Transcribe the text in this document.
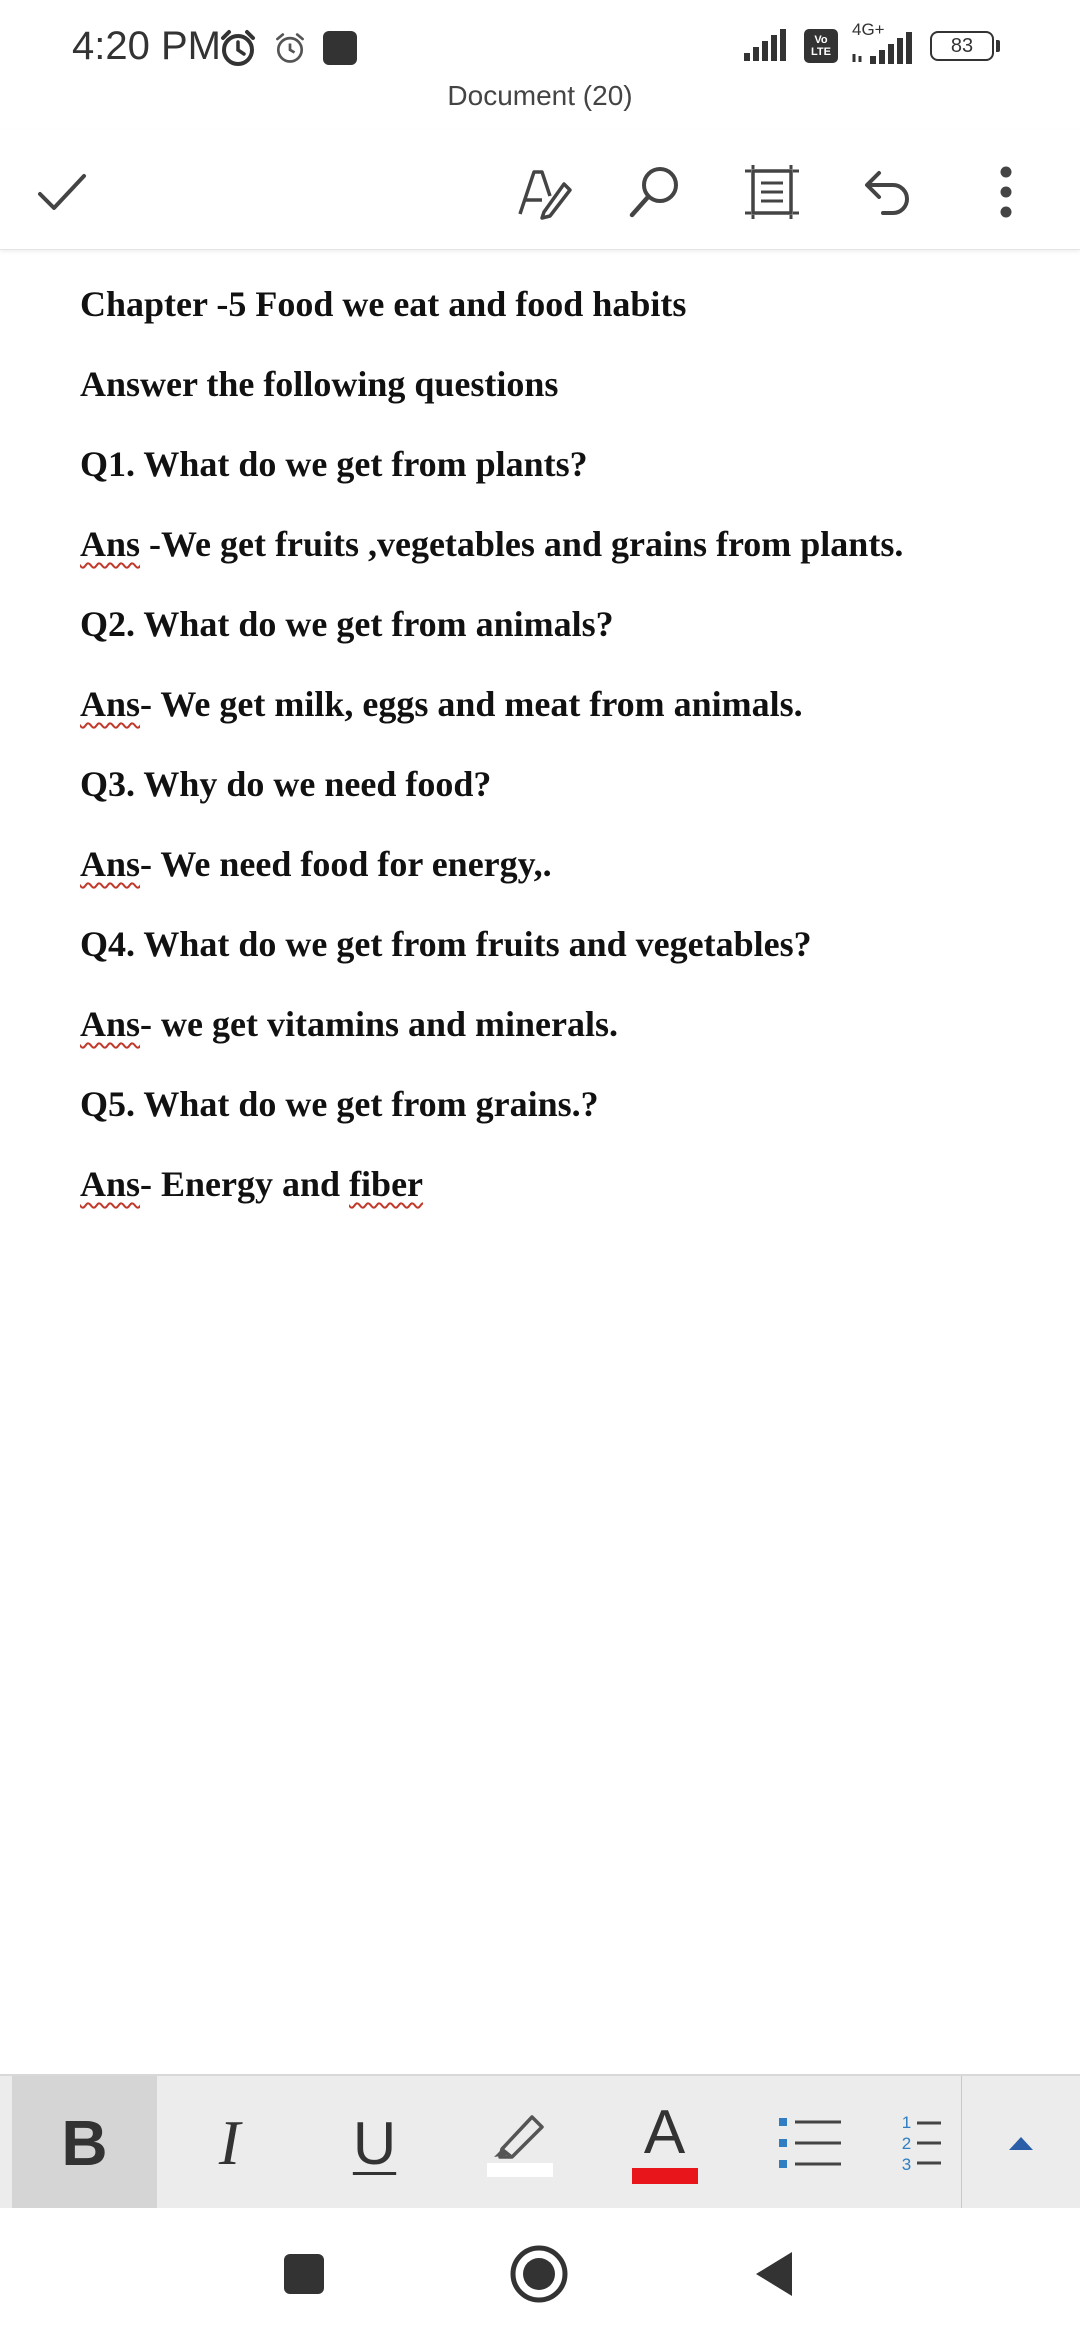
4:20 PM	Vo
LTE
4G+
83
Document (20)
Chapter -5 Food we eat and food habits
Answer the following questions
Q1. What do we get from plants?
Ans -We get fruits ,vegetables and grains from plants.
Q2. What do we get from animals?
Ans- We get milk, eggs and meat from animals.
Q3. Why do we need food?
Ans- We need food for energy,.
Q4. What do we get from fruits and vegetables?
Ans- we get vitamins and minerals.
Q5. What do we get from grains.?
Ans- Energy and fiber
B I U	A	1
2
3
